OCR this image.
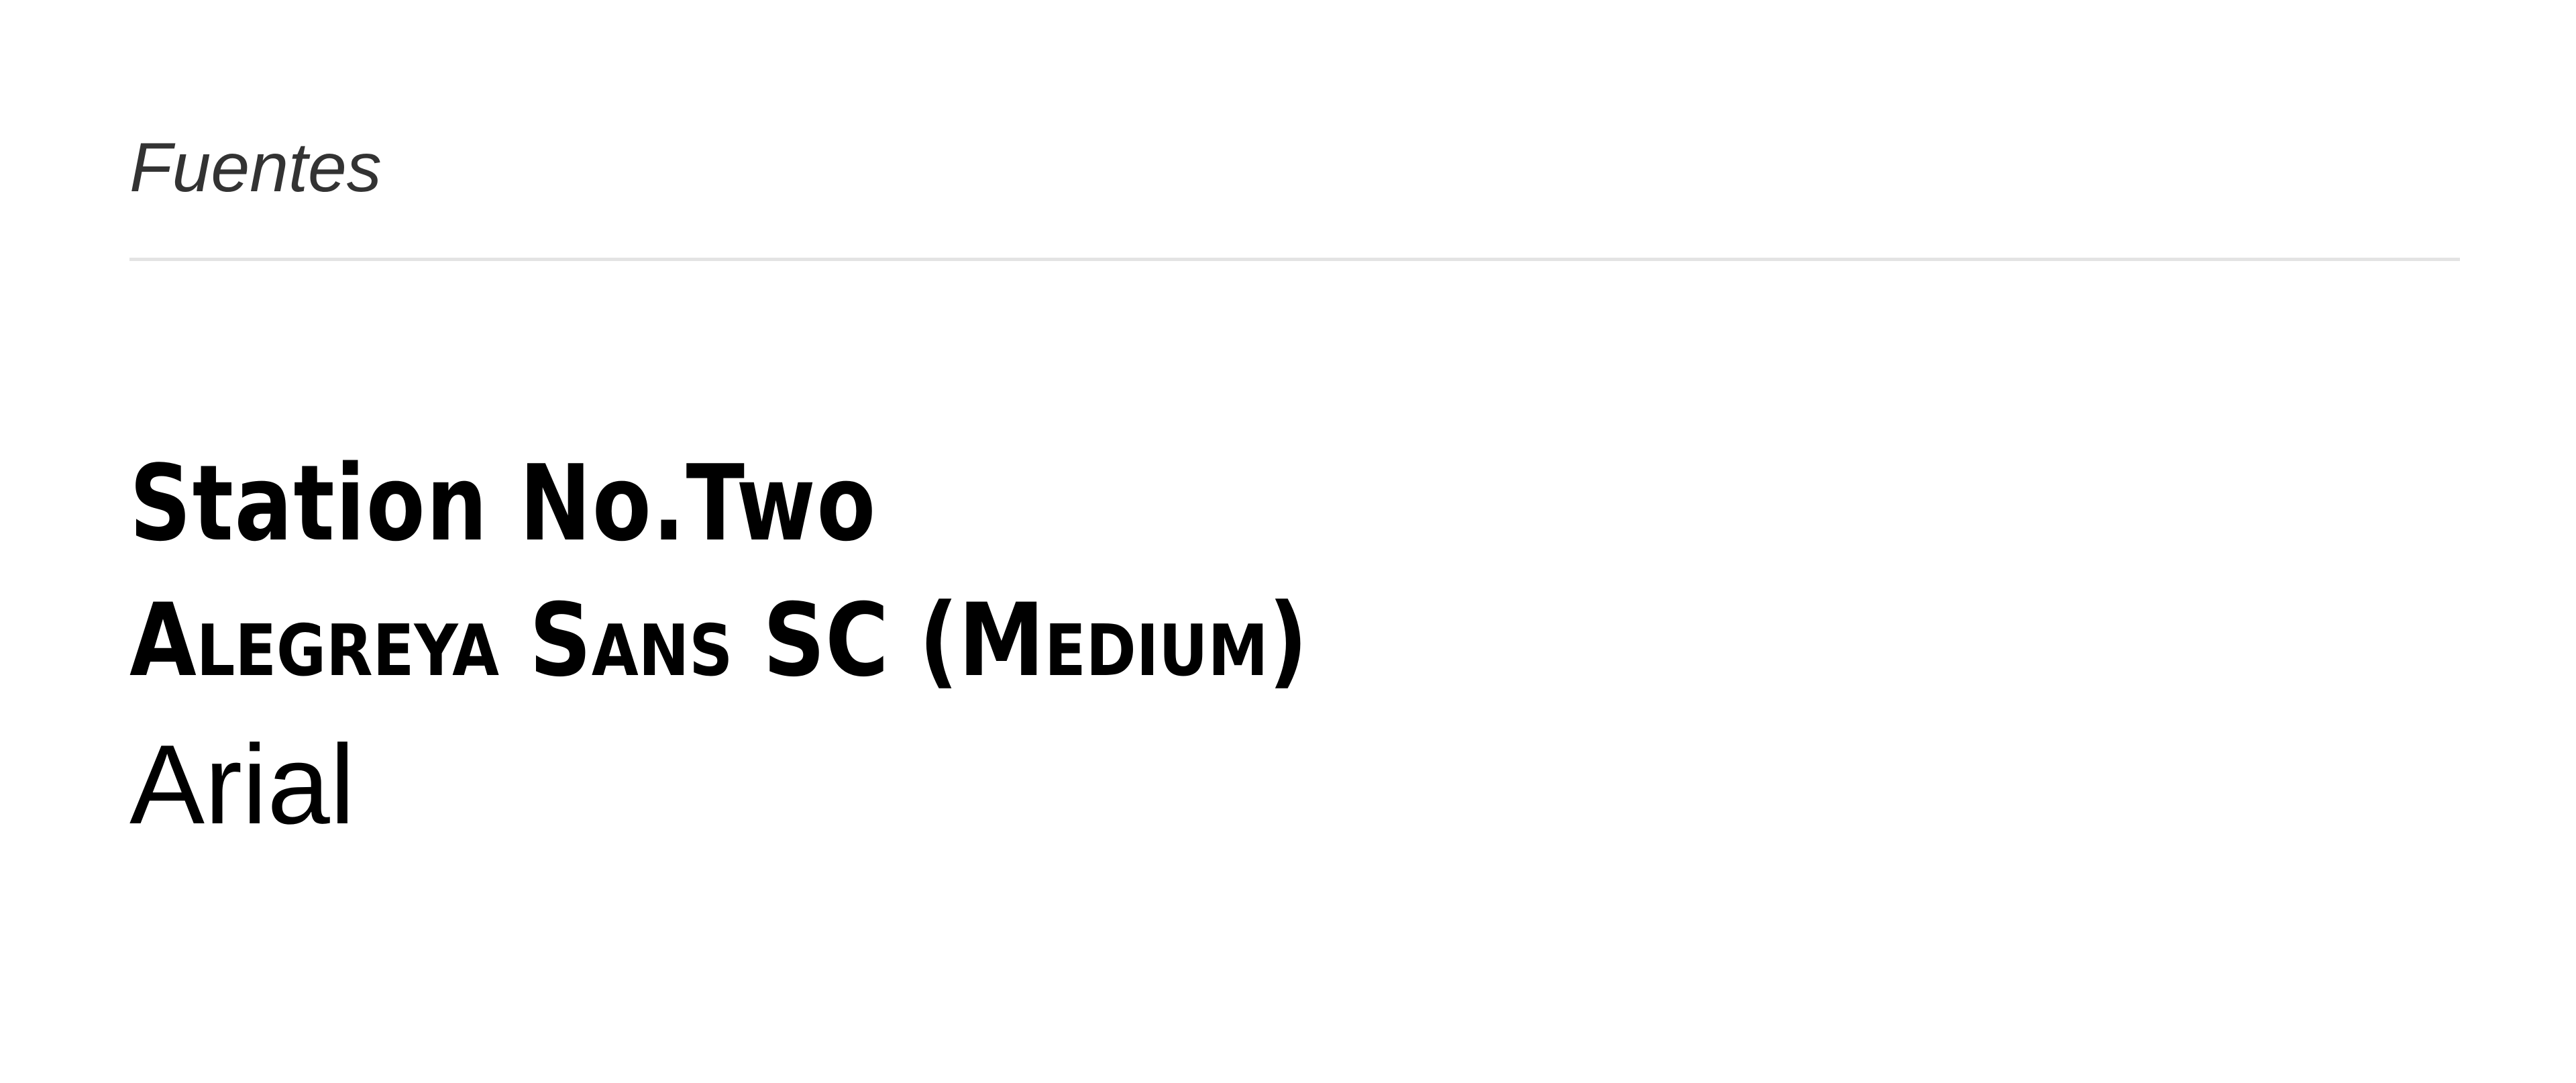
Fuentes
Station No.Two
Alegreya Sans SC (Medium)
Arial
